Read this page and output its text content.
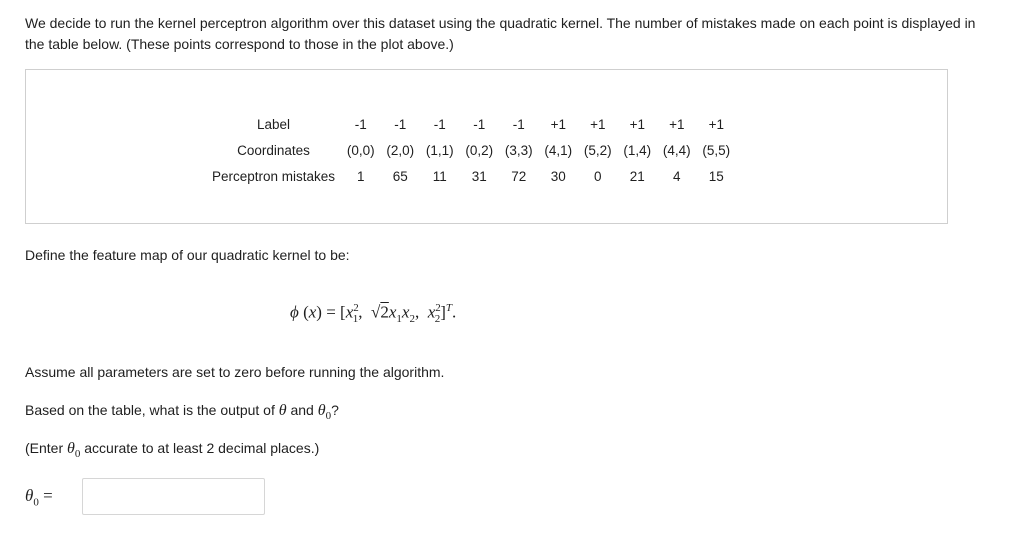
We decide to run the kernel perceptron algorithm over this dataset using the quadratic kernel. The number of mistakes made on each point is displayed in the table below. (These points correspond to those in the plot above.)
Label	-1	-1	-1	-1	-1	+1	+1	+1	+1	+1
Coordinates	(0,0)	(2,0)	(1,1)	(0,2)	(3,3)	(4,1)	(5,2)	(1,4)	(4,4)	(5,5)
Perceptron mistakes	1	65	11	31	72	30	0	21	4	15
Define the feature map of our quadratic kernel to be:
ϕ $(x) = [x^2_1$,  $√2x_1x_2$,  $x^2_2]^T$.
Assume all parameters are set to zero before running the algorithm.
Based on the table, what is the output of θ and $\theta_0$?
(Enter $\theta_0$ accurate to at least 2 decimal places.)
$\theta_0$ =
